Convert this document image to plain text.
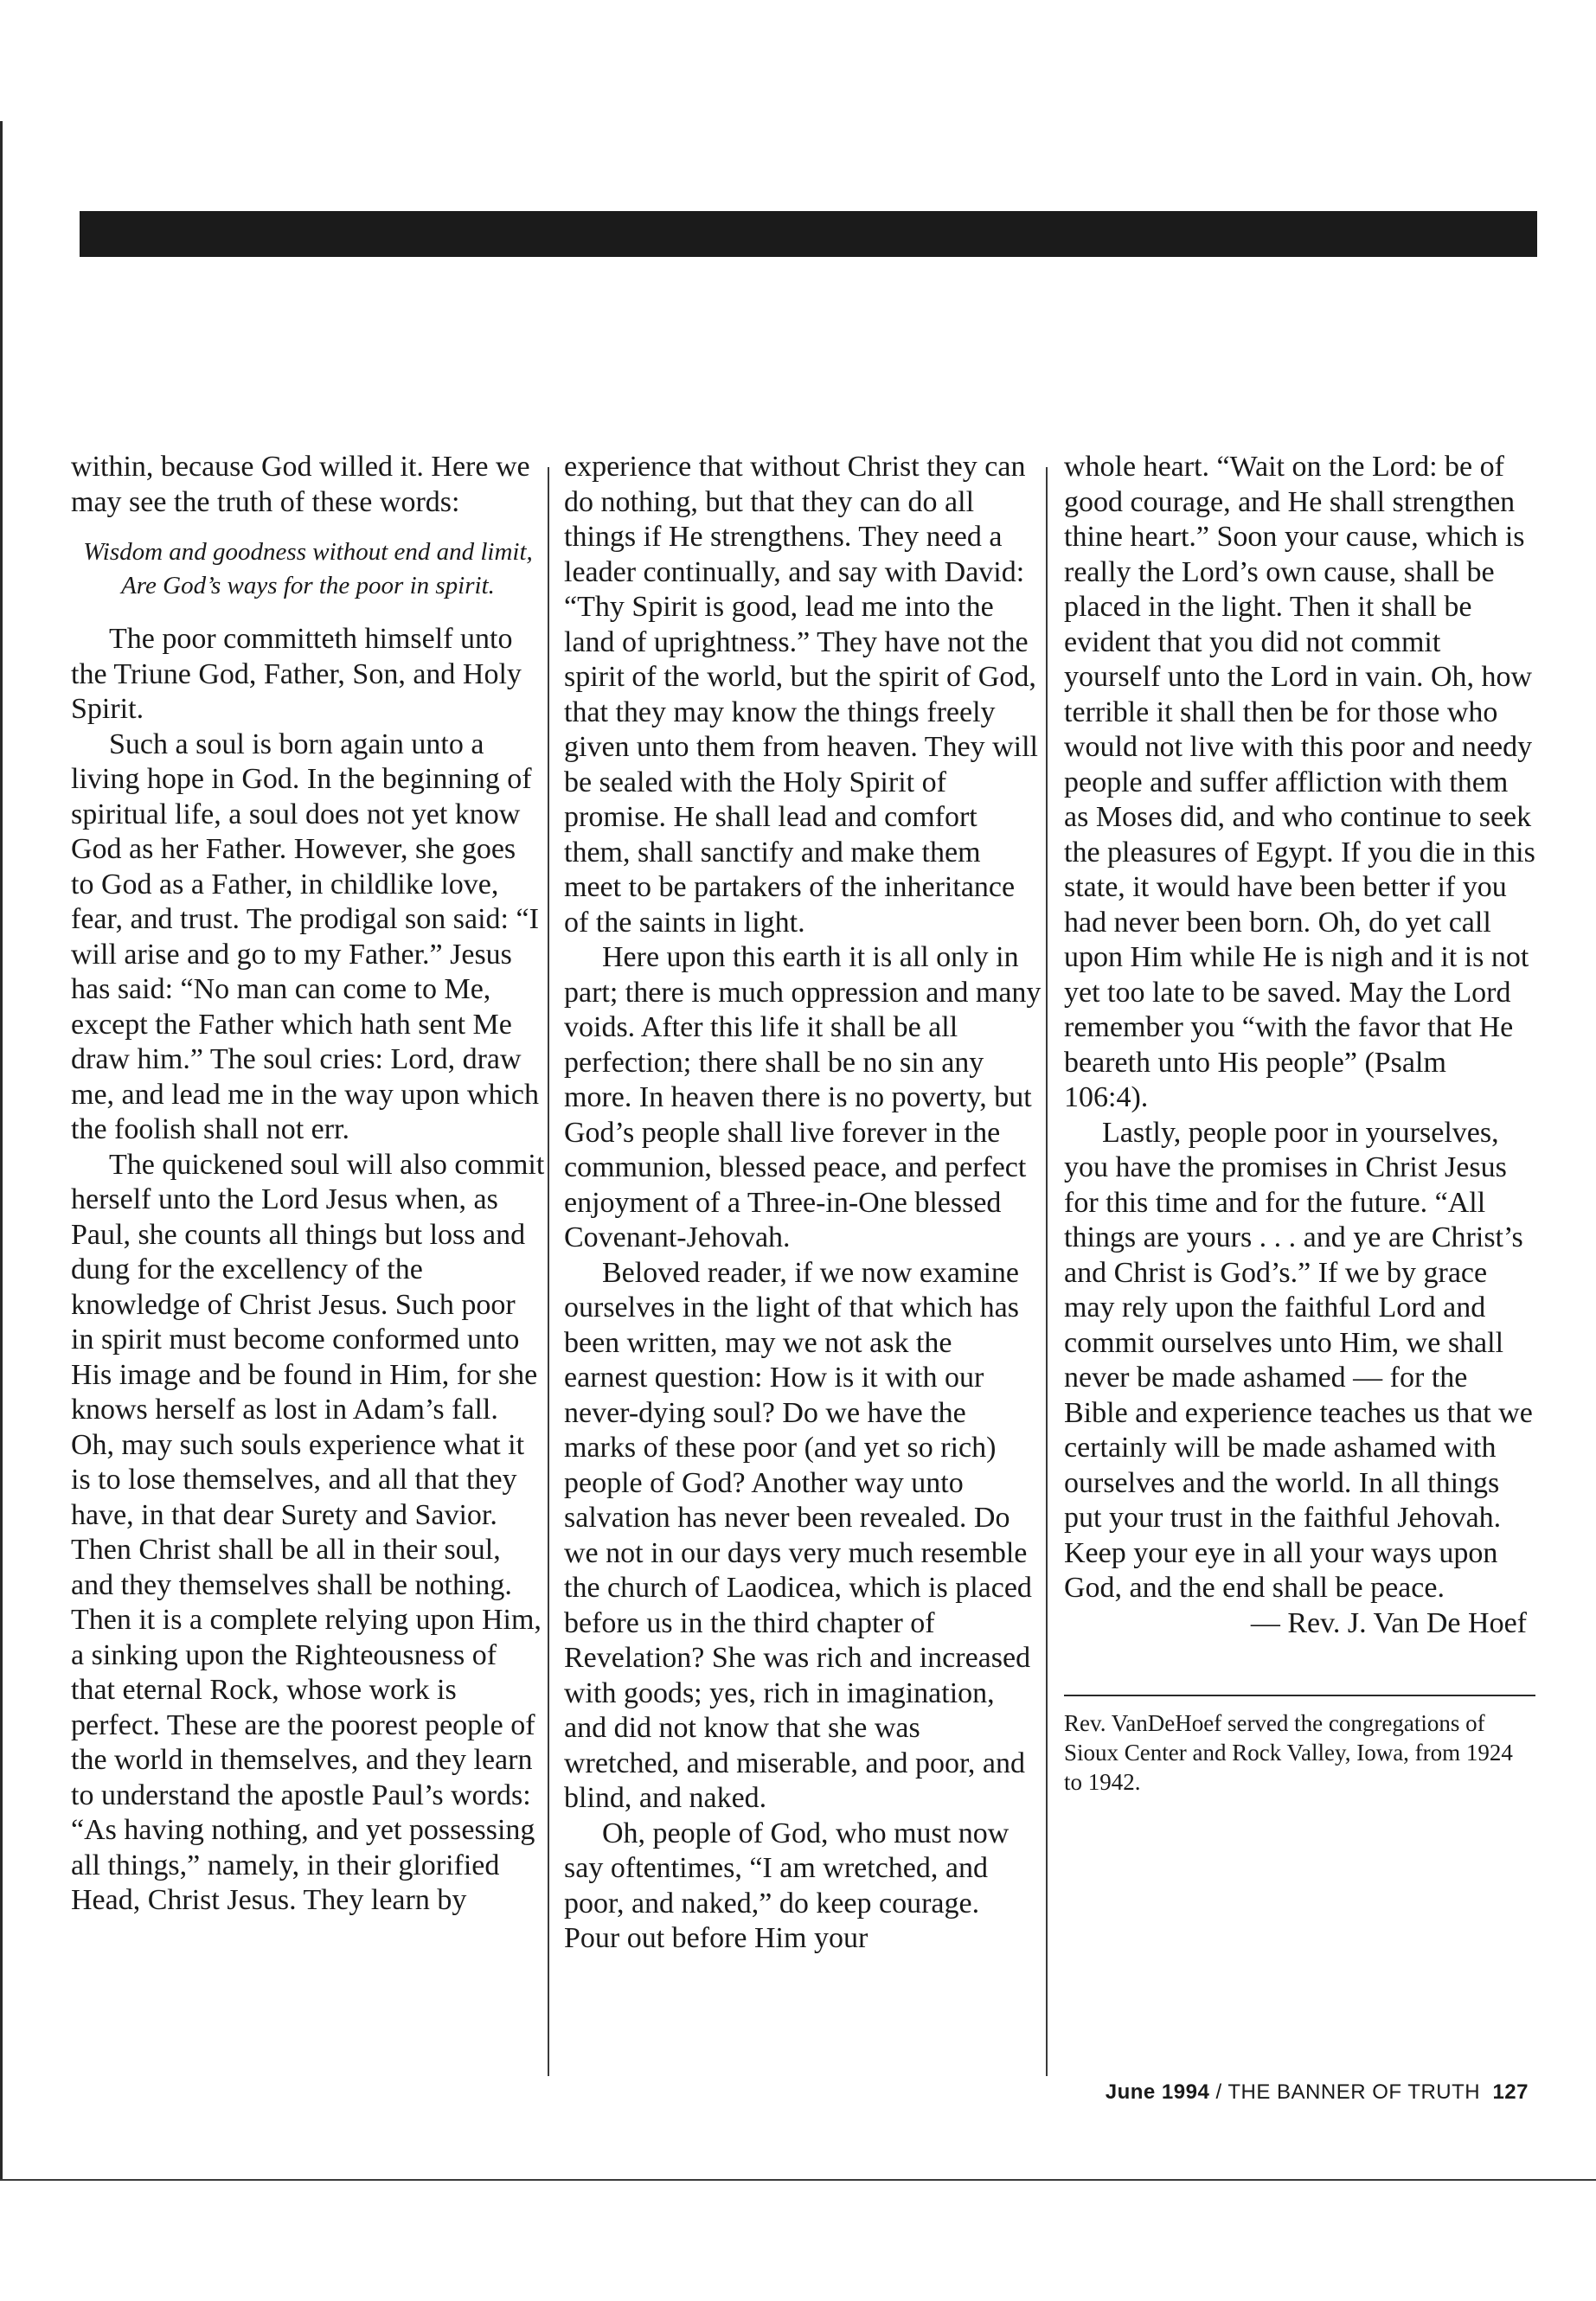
within, because God willed it. Here we may see the truth of these words:

Wisdom and goodness without end and limit,
Are God’s ways for the poor in spirit.

The poor committeth himself unto the Triune God, Father, Son, and Holy Spirit.

Such a soul is born again unto a living hope in God. In the beginning of spiritual life, a soul does not yet know God as her Father. However, she goes to God as a Father, in childlike love, fear, and trust. The prodigal son said: “I will arise and go to my Father.” Jesus has said: “No man can come to Me, except the Father which hath sent Me draw him.” The soul cries: Lord, draw me, and lead me in the way upon which the foolish shall not err.

The quickened soul will also commit herself unto the Lord Jesus when, as Paul, she counts all things but loss and dung for the excellency of the knowledge of Christ Jesus. Such poor in spirit must become conformed unto His image and be found in Him, for she knows herself as lost in Adam’s fall. Oh, may such souls experience what it is to lose themselves, and all that they have, in that dear Surety and Savior. Then Christ shall be all in their soul, and they themselves shall be nothing. Then it is a complete relying upon Him, a sinking upon the Righteousness of that eternal Rock, whose work is perfect. These are the poorest people of the world in themselves, and they learn to understand the apostle Paul’s words: “As having nothing, and yet possessing all things,” namely, in their glorified Head, Christ Jesus. They learn by

experience that without Christ they can do nothing, but that they can do all things if He strengthens. They need a leader continually, and say with David: “Thy Spirit is good, lead me into the land of uprightness.” They have not the spirit of the world, but the spirit of God, that they may know the things freely given unto them from heaven. They will be sealed with the Holy Spirit of promise. He shall lead and comfort them, shall sanctify and make them meet to be partakers of the inheritance of the saints in light.

Here upon this earth it is all only in part; there is much oppression and many voids. After this life it shall be all perfection; there shall be no sin any more. In heaven there is no poverty, but God’s people shall live forever in the communion, blessed peace, and perfect enjoyment of a Three-in-One blessed Covenant-Jehovah.

Beloved reader, if we now examine ourselves in the light of that which has been written, may we not ask the earnest question: How is it with our never-dying soul? Do we have the marks of these poor (and yet so rich) people of God? Another way unto salvation has never been revealed. Do we not in our days very much resemble the church of Laodicea, which is placed before us in the third chapter of Revelation? She was rich and increased with goods; yes, rich in imagination, and did not know that she was wretched, and miserable, and poor, and blind, and naked.

Oh, people of God, who must now say oftentimes, “I am wretched, and poor, and naked,” do keep courage. Pour out before Him your

whole heart. “Wait on the Lord: be of good courage, and He shall strengthen thine heart.” Soon your cause, which is really the Lord’s own cause, shall be placed in the light. Then it shall be evident that you did not commit yourself unto the Lord in vain. Oh, how terrible it shall then be for those who would not live with this poor and needy people and suffer affliction with them as Moses did, and who continue to seek the pleasures of Egypt. If you die in this state, it would have been better if you had never been born. Oh, do yet call upon Him while He is nigh and it is not yet too late to be saved. May the Lord remember you “with the favor that He beareth unto His people” (Psalm 106:4).

Lastly, people poor in yourselves, you have the promises in Christ Jesus for this time and for the future. “All things are yours . . . and ye are Christ’s and Christ is God’s.” If we by grace may rely upon the faithful Lord and commit ourselves unto Him, we shall never be made ashamed — for the Bible and experience teaches us that we certainly will be made ashamed with ourselves and the world. In all things put your trust in the faithful Jehovah. Keep your eye in all your ways upon God, and the end shall be peace.

— Rev. J. Van De Hoef

Rev. VanDeHoef served the congregations of Sioux Center and Rock Valley, Iowa, from 1924 to 1942.

June 1994 / THE BANNER OF TRUTH 127
